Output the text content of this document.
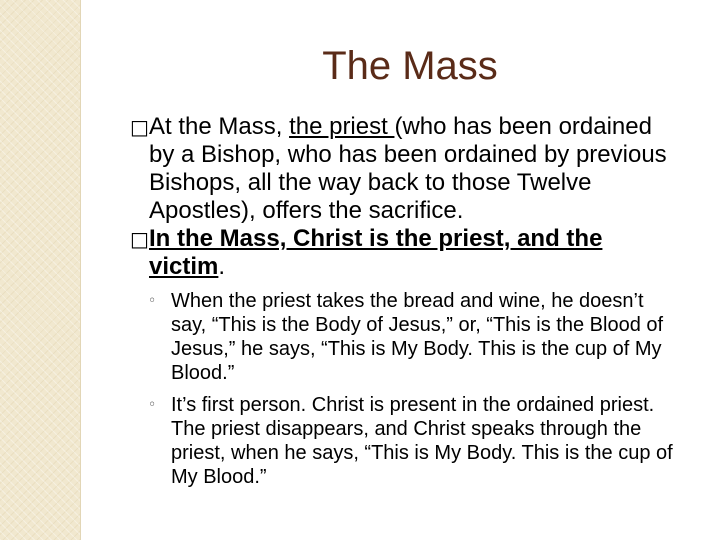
The Mass
□ At the Mass, the priest (who has been ordained by a Bishop, who has been ordained by previous Bishops, all the way back to those Twelve Apostles), offers the sacrifice.
□ In the Mass, Christ is the priest, and the victim.
◦ When the priest takes the bread and wine, he doesn’t say, “This is the Body of Jesus,” or, “This is the Blood of Jesus,” he says, “This is My Body. This is the cup of My Blood.”
◦ It’s first person. Christ is present in the ordained priest. The priest disappears, and Christ speaks through the priest, when he says, “This is My Body. This is the cup of My Blood.”
